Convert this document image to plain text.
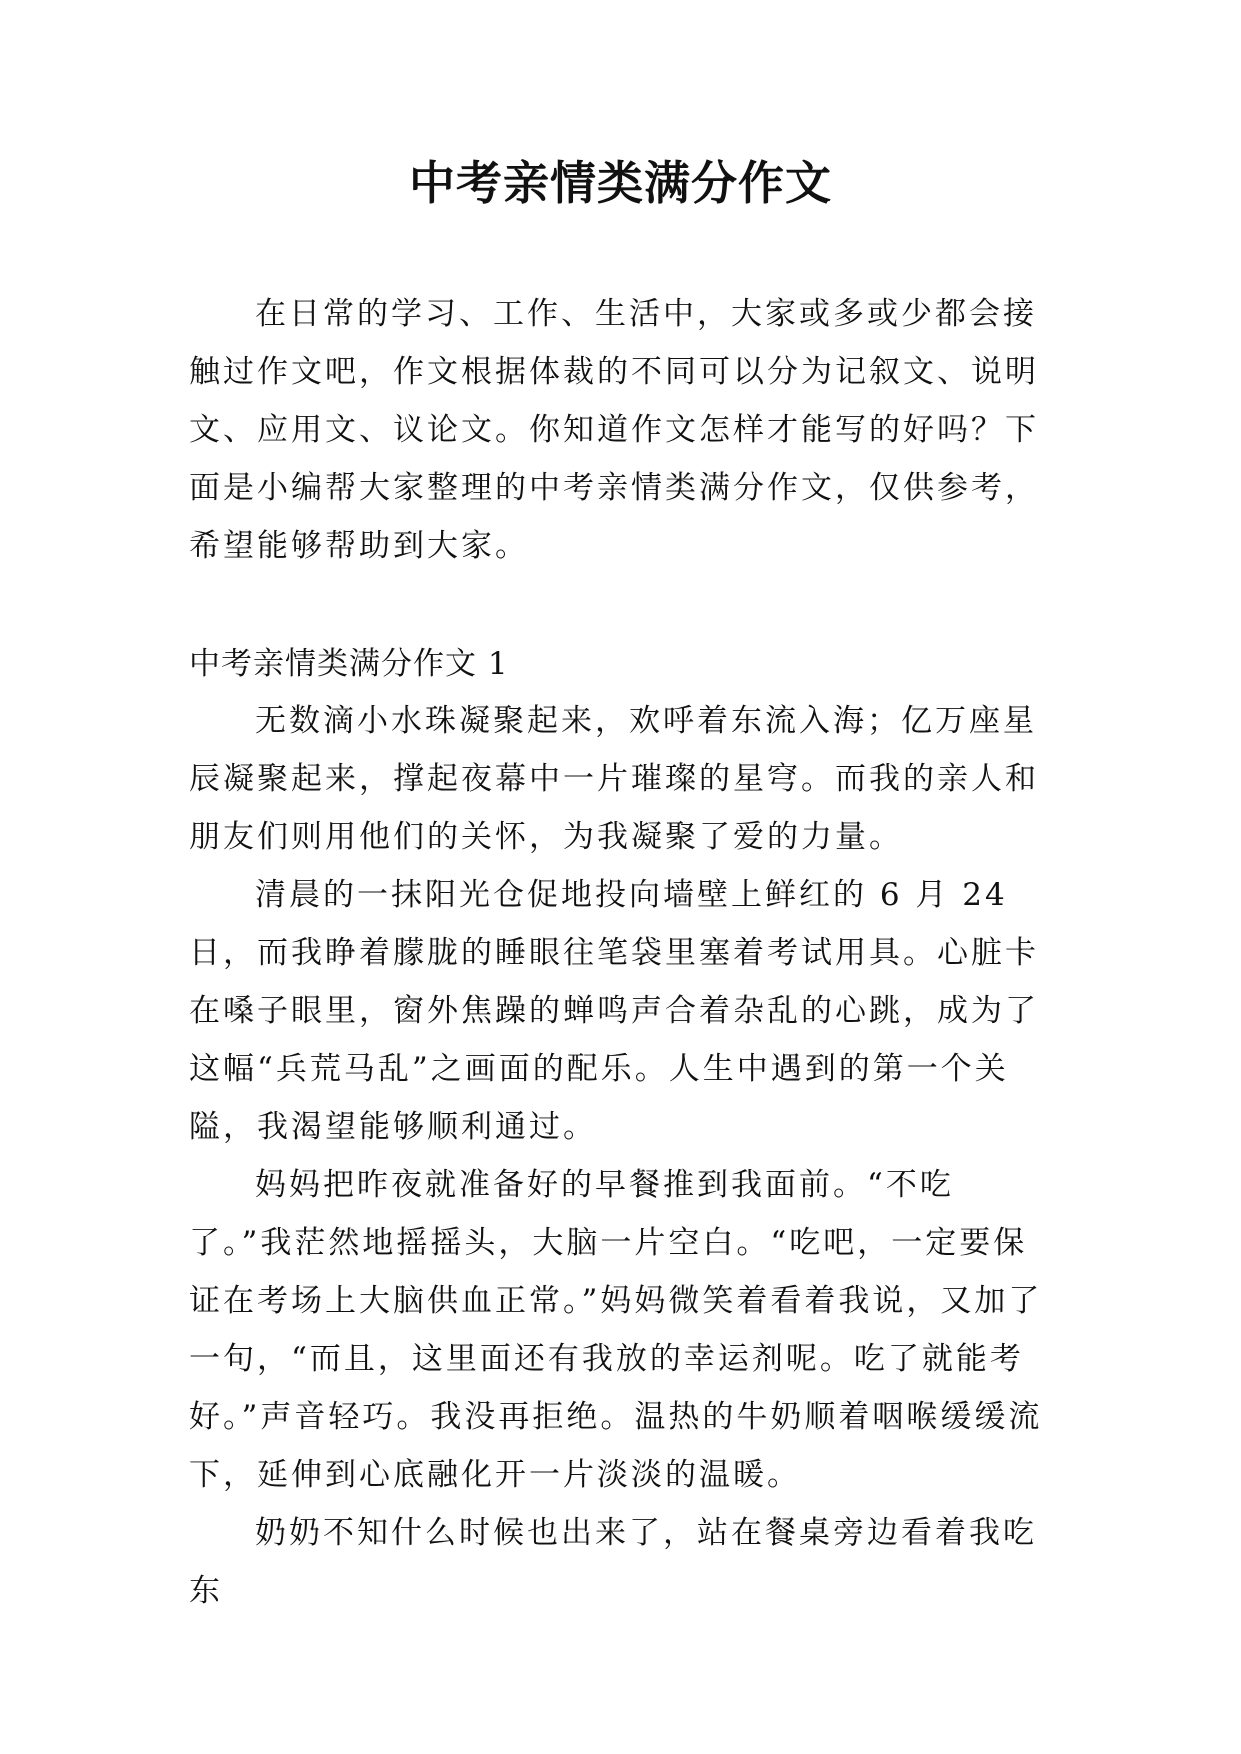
中考亲情类满分作文

在日常的学习、工作、生活中，大家或多或少都会接触过作文吧，作文根据体裁的不同可以分为记叙文、说明文、应用文、议论文。你知道作文怎样才能写的好吗？下面是小编帮大家整理的中考亲情类满分作文，仅供参考，希望能够帮助到大家。

中考亲情类满分作文 1

无数滴小水珠凝聚起来，欢呼着东流入海；亿万座星辰凝聚起来，撑起夜幕中一片璀璨的星穹。而我的亲人和朋友们则用他们的关怀，为我凝聚了爱的力量。

清晨的一抹阳光仓促地投向墙壁上鲜红的 6 月 24 日，而我睁着朦胧的睡眼往笔袋里塞着考试用具。心脏卡在嗓子眼里，窗外焦躁的蝉鸣声合着杂乱的心跳，成为了这幅“兵荒马乱”之画面的配乐。人生中遇到的第一个关隘，我渴望能够顺利通过。

妈妈把昨夜就准备好的早餐推到我面前。“不吃了。”我茫然地摇摇头，大脑一片空白。“吃吧，一定要保证在考场上大脑供血正常。”妈妈微笑着看着我说，又加了一句，“而且，这里面还有我放的幸运剂呢。吃了就能考好。”声音轻巧。我没再拒绝。温热的牛奶顺着咽喉缓缓流下，延伸到心底融化开一片淡淡的温暖。

奶奶不知什么时候也出来了，站在餐桌旁边看着我吃东
